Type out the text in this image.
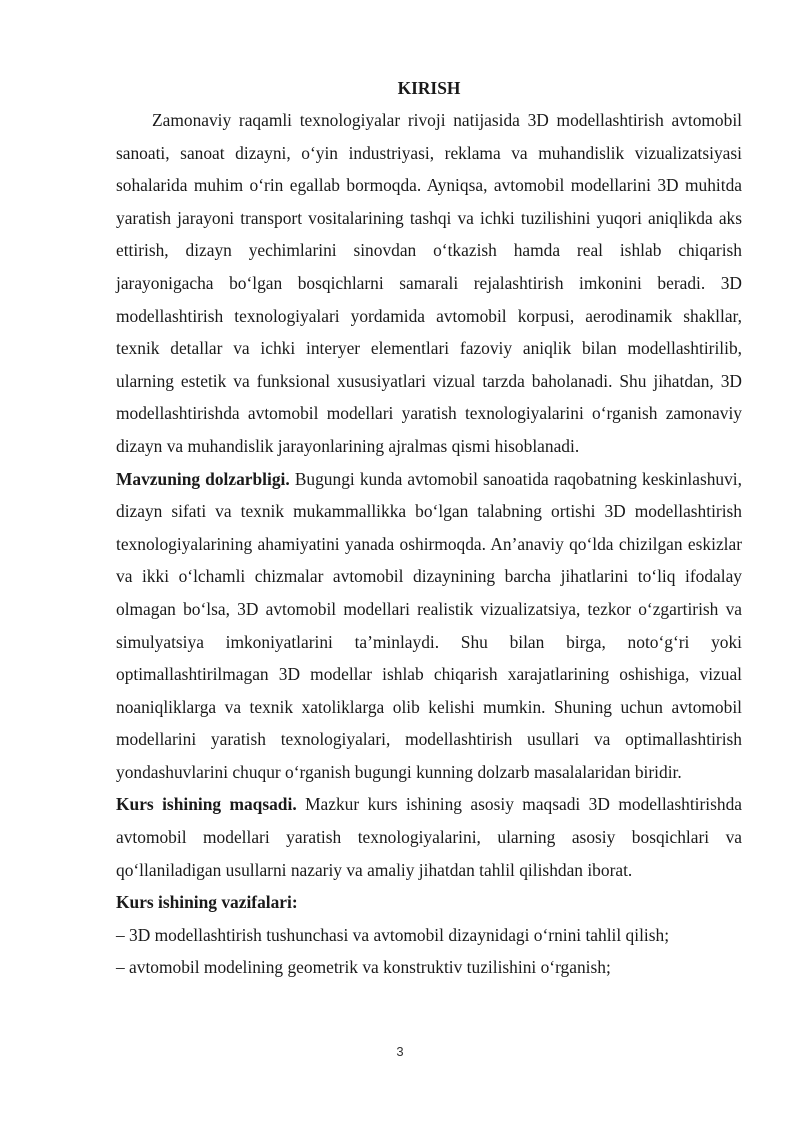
KIRISH

Zamonaviy raqamli texnologiyalar rivoji natijasida 3D modellashtirish avtomobil sanoati, sanoat dizayni, o‘yin industriyasi, reklama va muhandislik vizualizatsiyasi sohalarida muhim o‘rin egallab bormoqda. Ayniqsa, avtomobil modellarini 3D muhitda yaratish jarayoni transport vositalarining tashqi va ichki tuzilishini yuqori aniqlikda aks ettirish, dizayn yechimlarini sinovdan o‘tkazish hamda real ishlab chiqarish jarayonigacha bo‘lgan bosqichlarni samarali rejalashtirish imkonini beradi. 3D modellashtirish texnologiyalari yordamida avtomobil korpusi, aerodinamik shakllar, texnik detallar va ichki interyer elementlari fazoviy aniqlik bilan modellashtirilib, ularning estetik va funksional xususiyatlari vizual tarzda baholanadi. Shu jihatdan, 3D modellashtirishda avtomobil modellari yaratish texnologiyalarini o‘rganish zamonaviy dizayn va muhandislik jarayonlarining ajralmas qismi hisoblanadi.

Mavzuning dolzarbligi. Bugungi kunda avtomobil sanoatida raqobatning keskinlashuvi, dizayn sifati va texnik mukammallikka bo‘lgan talabning ortishi 3D modellashtirish texnologiyalarining ahamiyatini yanada oshirmoqda. An’anaviy qo‘lda chizilgan eskizlar va ikki o‘lchamli chizmalar avtomobil dizaynining barcha jihatlarini to‘liq ifodalay olmagan bo‘lsa, 3D avtomobil modellari realistik vizualizatsiya, tezkor o‘zgartirish va simulyatsiya imkoniyatlarini ta’minlaydi. Shu bilan birga, noto‘g‘ri yoki optimallashtirilmagan 3D modellar ishlab chiqarish xarajatlarining oshishiga, vizual noaniqliklarga va texnik xatoliklarga olib kelishi mumkin. Shuning uchun avtomobil modellarini yaratish texnologiyalari, modellashtirish usullari va optimallashtirish yondashuvlarini chuqur o‘rganish bugungi kunning dolzarb masalalaridan biridir.

Kurs ishining maqsadi. Mazkur kurs ishining asosiy maqsadi 3D modellashtirishda avtomobil modellari yaratish texnologiyalarini, ularning asosiy bosqichlari va qo‘llaniladigan usullarni nazariy va amaliy jihatdan tahlil qilishdan iborat.

Kurs ishining vazifalari:

– 3D modellashtirish tushunchasi va avtomobil dizaynidagi o‘rnini tahlil qilish;

– avtomobil modelining geometrik va konstruktiv tuzilishini o‘rganish;

3
